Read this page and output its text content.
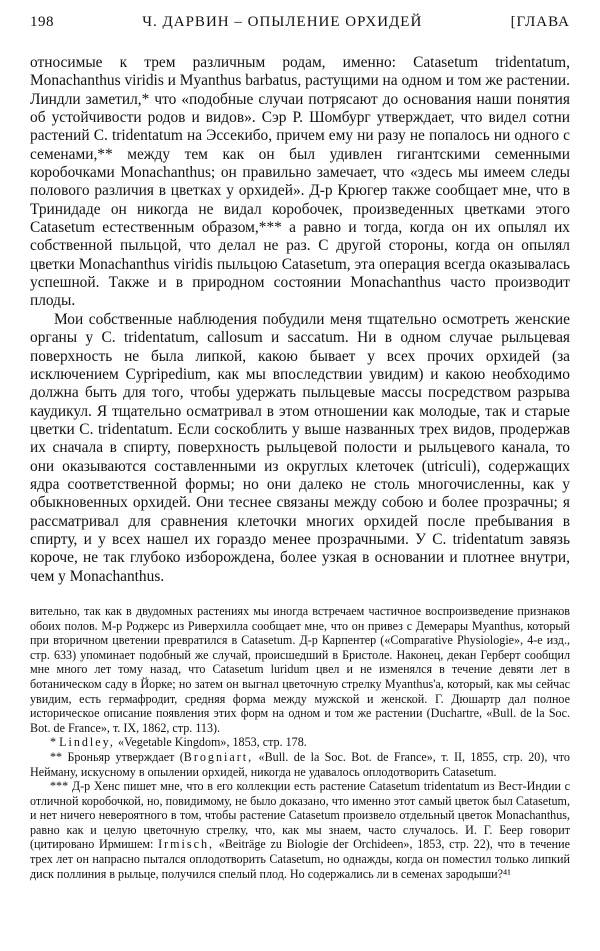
198	Ч. ДАРВИН – ОПЫЛЕНИЕ ОРХИДЕЙ	[ГЛАВА

относимые к трем различным родам, именно: Catasetum tridentatum, Monachanthus viridis и Myanthus barbatus, растущими на одном и том же растении. Линдли заметил,* что «подобные случаи потрясают до основания наши понятия об устойчивости родов и видов». Сэр Р. Шомбург утверждает, что видел сотни растений C. tridentatum на Эссекибо, причем ему ни разу не попалось ни одного с семенами,** между тем как он был удивлен гигантскими семенными коробочками Monachanthus; он правильно замечает, что «здесь мы имеем следы полового различия в цветках у орхидей». Д-р Крюгер также сообщает мне, что в Тринидаде он никогда не видал коробочек, произведенных цветками этого Catasetum естественным образом,*** а равно и тогда, когда он их опылял их собственной пыльцой, что делал не раз. С другой стороны, когда он опылял цветки Monachanthus viridis пыльцою Catasetum, эта операция всегда оказывалась успешной. Также и в природном состоянии Monachanthus часто производит плоды.

Мои собственные наблюдения побудили меня тщательно осмотреть женские органы у C. tridentatum, callosum и saccatum. Ни в одном случае рыльцевая поверхность не была липкой, какою бывает у всех прочих орхидей (за исключением Cypripedium, как мы впоследствии увидим) и какою необходимо должна быть для того, чтобы удержать пыльцевые массы посредством разрыва каудикул. Я тщательно осматривал в этом отношении как молодые, так и старые цветки C. tridentatum. Если соскоблить у выше названных трех видов, продержав их сначала в спирту, поверхность рыльцевой полости и рыльцевого канала, то они оказываются составленными из округлых клеточек (utriculi), содержащих ядра соответственной формы; но они далеко не столь многочисленны, как у обыкновенных орхидей. Они теснее связаны между собою и более прозрачны; я рассматривал для сравнения клеточки многих орхидей после пребывания в спирту, и у всех нашел их гораздо менее прозрачными. У C. tridentatum завязь короче, не так глубоко изборождена, более узкая в основании и плотнее внутри, чем у Monachanthus.

вительно, так как в двудомных растениях мы иногда встречаем частичное воспроизведение признаков обоих полов. М-р Роджерс из Риверхилла сообщает мне, что он привез с Демерары Myanthus, который при вторичном цветении превратился в Catasetum. Д-р Карпентер («Comparative Physiologie», 4-е изд., стр. 633) упоминает подобный же случай, происшедший в Бристоле. Наконец, декан Герберт сообщил мне много лет тому назад, что Catasetum luridum цвел и не изменялся в течение девяти лет в ботаническом саду в Йорке; но затем он выгнал цветочную стрелку Myanthus'а, который, как мы сейчас увидим, есть гермафродит, средняя форма между мужской и женской. Г. Дюшартр дал полное историческое описание появления этих форм на одном и том же растении (Duchartre, «Bull. de la Soc. Bot. de France», т. IX, 1862, стр. 113).

* Lindley, «Vegetable Kingdom», 1853, стр. 178.

** Броньяр утверждает (Brogniart, «Bull. de la Soc. Bot. de France», т. II, 1855, стр. 20), что Нейману, искусному в опылении орхидей, никогда не удавалось оплодотворить Catasetum.

*** Д-р Хенс пишет мне, что в его коллекции есть растение Catasetum tridentatum из Вест-Индии с отличной коробочкой, но, повидимому, не было доказано, что именно этот самый цветок был Catasetum, и нет ничего невероятного в том, чтобы растение Catasetum произвело отдельный цветок Monachanthus, равно как и целую цветочную стрелку, что, как мы знаем, часто случалось. И. Г. Беер говорит (цитировано Ирмишем: Irmisch, «Beiträge zu Biologie der Orchideen», 1853, стр. 22), что в течение трех лет он напрасно пытался оплодотворить Catasetum, но однажды, когда он поместил только липкий диск поллиния в рыльце, получился спелый плод. Но содержались ли в семенах зародыши?⁴¹
